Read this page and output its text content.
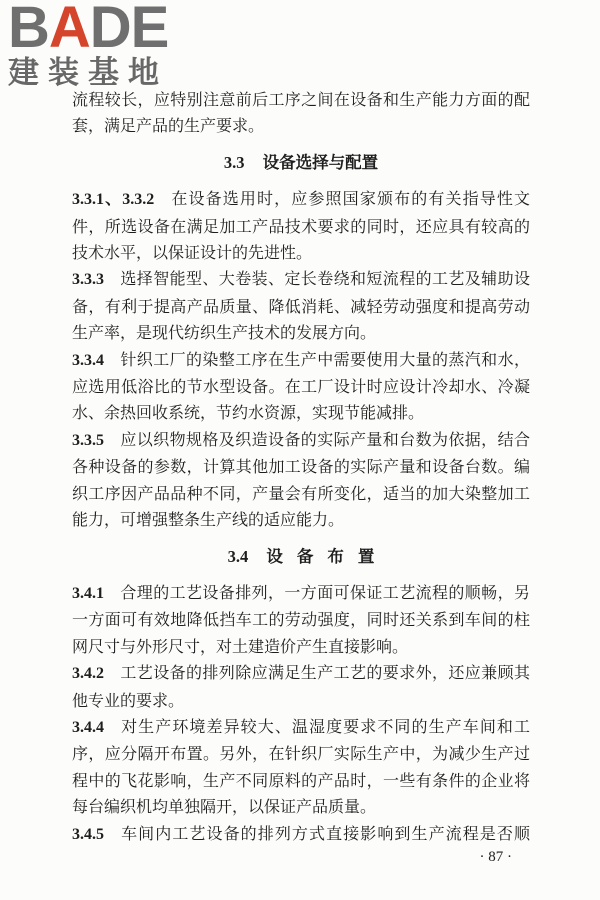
BADE
建装基地

流程较长，应特别注意前后工序之间在设备和生产能力方面的配套，满足产品的生产要求。

3.3 设备选择与配置

3.3.1、3.3.2 在设备选用时，应参照国家颁布的有关指导性文件，所选设备在满足加工产品技术要求的同时，还应具有较高的技术水平，以保证设计的先进性。

3.3.3 选择智能型、大卷装、定长卷绕和短流程的工艺及辅助设备，有利于提高产品质量、降低消耗、减轻劳动强度和提高劳动生产率，是现代纺织生产技术的发展方向。

3.3.4 针织工厂的染整工序在生产中需要使用大量的蒸汽和水，应选用低浴比的节水型设备。在工厂设计时应设计冷却水、冷凝水、余热回收系统，节约水资源，实现节能减排。

3.3.5 应以织物规格及织造设备的实际产量和台数为依据，结合各种设备的参数，计算其他加工设备的实际产量和设备台数。编织工序因产品品种不同，产量会有所变化，适当的加大染整加工能力，可增强整条生产线的适应能力。

3.4 设 备 布 置

3.4.1 合理的工艺设备排列，一方面可保证工艺流程的顺畅，另一方面可有效地降低挡车工的劳动强度，同时还关系到车间的柱网尺寸与外形尺寸，对土建造价产生直接影响。

3.4.2 工艺设备的排列除应满足生产工艺的要求外，还应兼顾其他专业的要求。

3.4.4 对生产环境差异较大、温湿度要求不同的生产车间和工序，应分隔开布置。另外，在针织厂实际生产中，为减少生产过程中的飞花影响，生产不同原料的产品时，一些有条件的企业将每台编织机均单独隔开，以保证产品质量。

3.4.5 车间内工艺设备的排列方式直接影响到生产流程是否顺

· 87 ·
